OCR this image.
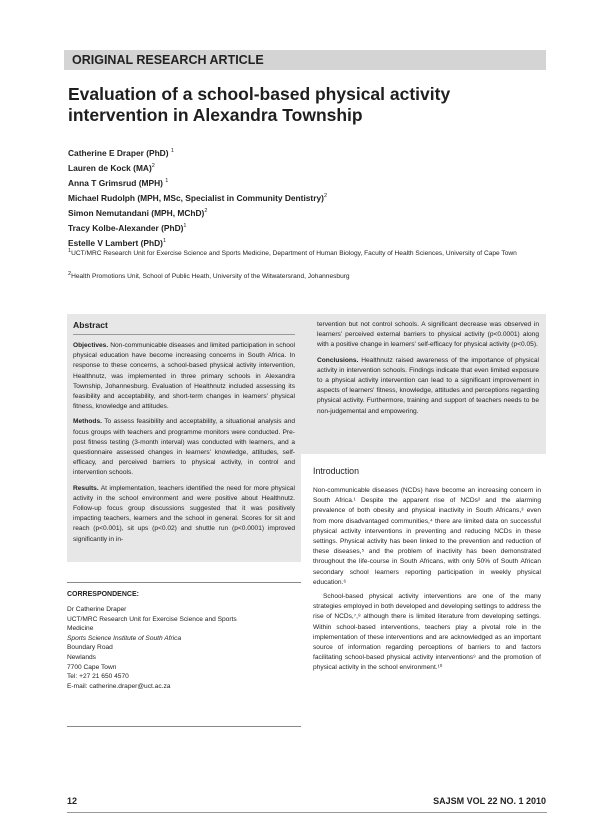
ORIGINAL RESEARCH ARTICLE
Evaluation of a school-based physical activity intervention in Alexandra Township
Catherine E Draper (PhD) $^1$
Lauren de Kock (MA)$^2$
Anna T Grimsrud (MPH) $^1$
Michael Rudolph (MPH, MSc, Specialist in Community Dentistry)$^2$
Simon Nemutandani (MPH, MChD)$^2$
Tracy Kolbe-Alexander (PhD)$^1$
Estelle V Lambert (PhD)$^1$
$^1$UCT/MRC Research Unit for Exercise Science and Sports Medicine, Department of Human Biology, Faculty of Health Sciences, University of Cape Town
$^2$Health Promotions Unit, School of Public Heath, University of the Witwatersrand, Johannesburg
Abstract

Objectives. Non-communicable diseases and limited participation in school physical education have become increasing concerns in South Africa. In response to these concerns, a school-based physical activity intervention, Healthnutz, was implemented in three primary schools in Alexandra Township, Johannesburg. Evaluation of Healthnutz included assessing its feasibility and acceptability, and short-term changes in learners' physical fitness, knowledge and attitudes.

Methods. To assess feasibility and acceptability, a situational analysis and focus groups with teachers and programme monitors were conducted. Pre-post fitness testing (3-month interval) was conducted with learners, and a questionnaire assessed changes in learners' knowledge, attitudes, self-efficacy, and perceived barriers to physical activity, in control and intervention schools.

Results. At implementation, teachers identified the need for more physical activity in the school environment and were positive about Healthnutz. Follow-up focus group discussions suggested that it was positively impacting teachers, learners and the school in general. Scores for sit and reach (p<0.001), sit ups (p<0.02) and shuttle run (p<0.0001) improved significantly in in-

tervention but not control schools. A significant decrease was observed in learners' perceived external barriers to physical activity (p<0.0001) along with a positive change in learners' self-efficacy for physical activity (p<0.05).

Conclusions. Healthnutz raised awareness of the importance of physical activity in intervention schools. Findings indicate that even limited exposure to a physical activity intervention can lead to a significant improvement in aspects of learners' fitness, knowledge, attitudes and perceptions regarding physical activity. Furthermore, training and support of teachers needs to be non-judgemental and empowering.

Introduction

Non-communicable diseases (NCDs) have become an increasing concern in South Africa.¹ Despite the apparent rise of NCDs² and the alarming prevalence of both obesity and physical inactivity in South Africans,³ even from more disadvantaged communities,⁴ there are limited data on successful physical activity interventions in preventing and reducing NCDs in these settings. Physical activity has been linked to the prevention and reduction of these diseases,⁵ and the problem of inactivity has been demonstrated throughout the life-course in South Africans, with only 50% of South African secondary school learners reporting participation in weekly physical education.⁶

School-based physical activity interventions are one of the many strategies employed in both developed and developing settings to address the rise of NCDs,⁷,⁸ although there is limited literature from developing settings. Within school-based interventions, teachers play a pivotal role in the implementation of these interventions and are acknowledged as an important source of information regarding perceptions of barriers to and factors facilitating school-based physical activity interventions⁹ and the promotion of physical activity in the school environment.¹⁰

CORRESPONDENCE:
Dr Catherine Draper
UCT/MRC Research Unit for Exercise Science and Sports
Medicine
Sports Science Institute of South Africa
Boundary Road
Newlands
7700 Cape Town
Tel: +27 21 650 4570
E-mail: catherine.draper@uct.ac.za
12	SAJSM VOL 22 NO. 1 2010
